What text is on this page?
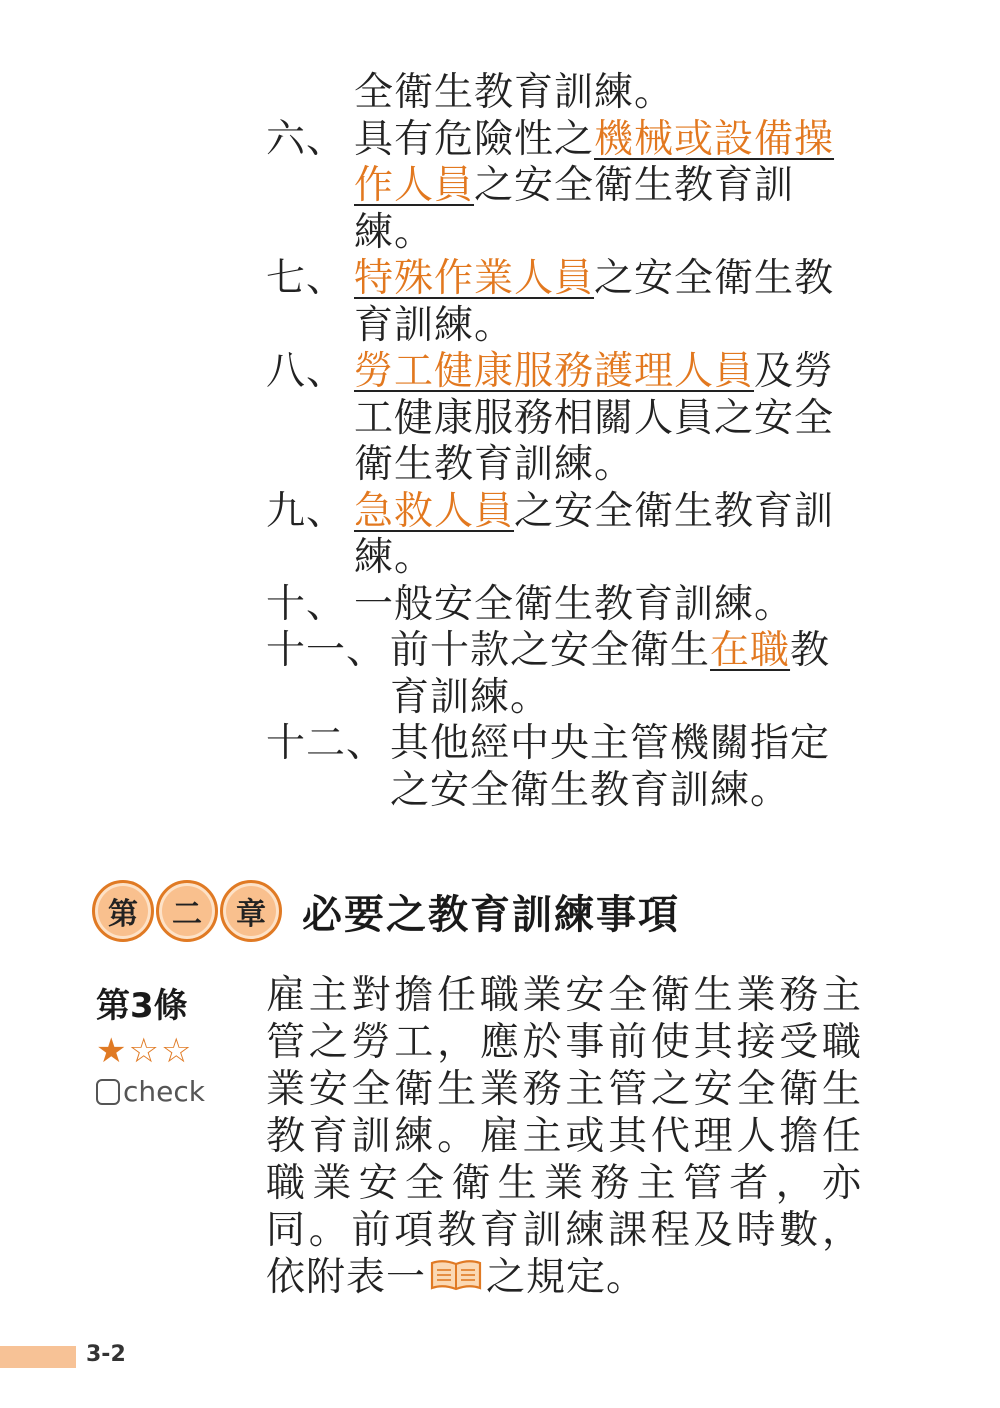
全衛生教育訓練。
六、 具有危險性之機械或設備操作人員之安全衛生教育訓練。
七、 特殊作業人員之安全衛生教育訓練。
八、 勞工健康服務護理人員及勞工健康服務相關人員之安全衛生教育訓練。
九、 急救人員之安全衛生教育訓練。
十、 一般安全衛生教育訓練。
十一、 前十款之安全衛生在職教育訓練。
十二、 其他經中央主管機關指定之安全衛生教育訓練。
第	二	章 必要之教育訓練事項
第3條
★☆☆
check
雇主對擔任職業安全衛生業務主管之勞工，應於事前使其接受職業安全衛生業務主管之安全衛生教育訓練。雇主或其代理人擔任職業安全衛生業務主管者，亦同。前項教育訓練課程及時數，依附表一 之規定。
3-2
